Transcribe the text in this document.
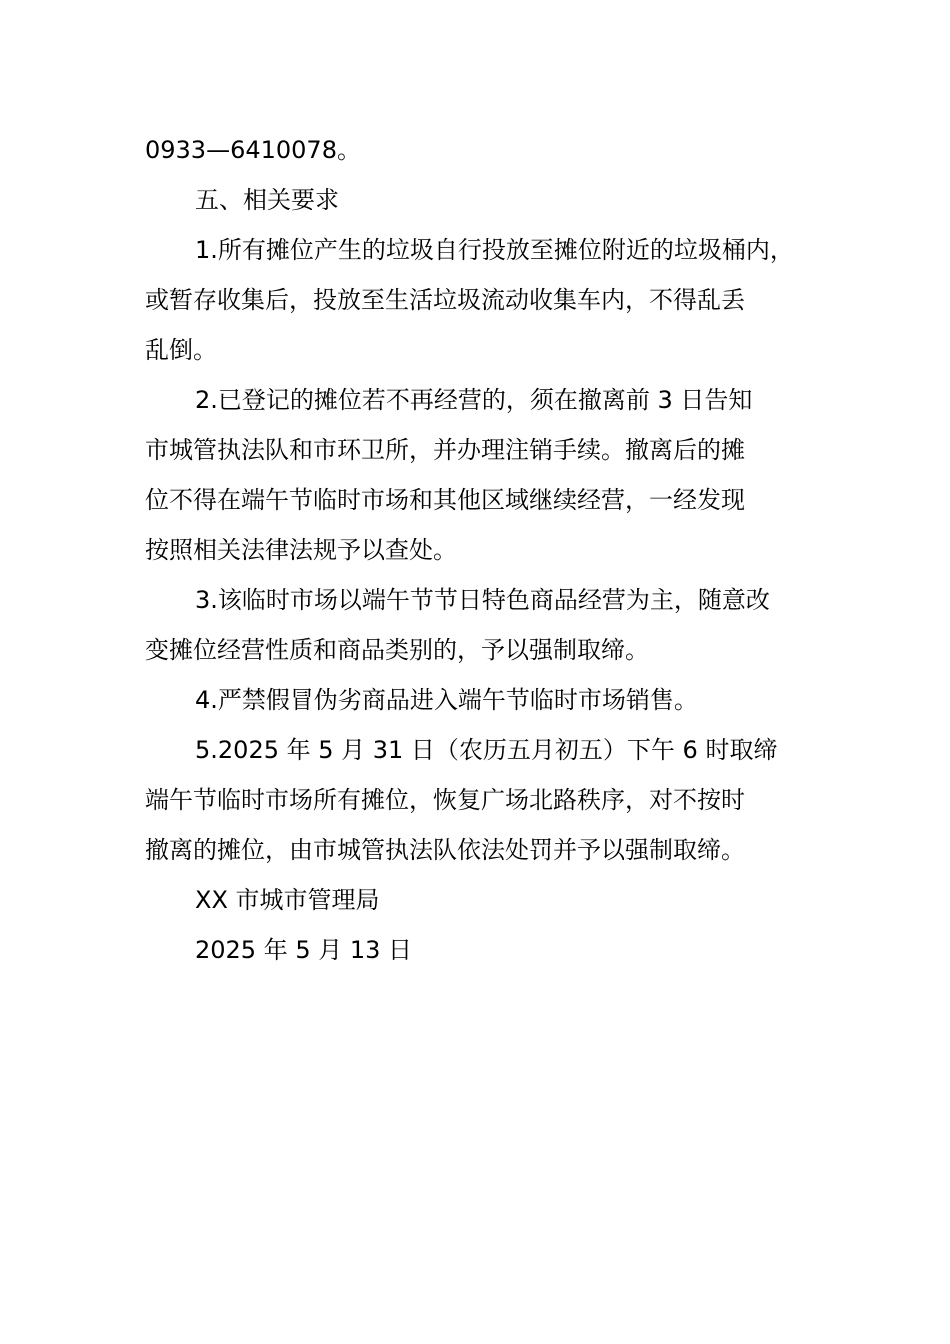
0933—6410078。
五、相关要求
1.所有摊位产生的垃圾自行投放至摊位附近的垃圾桶内，
或暂存收集后，投放至生活垃圾流动收集车内，不得乱丢
乱倒。
2.已登记的摊位若不再经营的，须在撤离前 3 日告知
市城管执法队和市环卫所，并办理注销手续。撤离后的摊
位不得在端午节临时市场和其他区域继续经营，一经发现
按照相关法律法规予以查处。
3.该临时市场以端午节节日特色商品经营为主，随意改
变摊位经营性质和商品类别的，予以强制取缔。
4.严禁假冒伪劣商品进入端午节临时市场销售。
5.2025 年 5 月 31 日（农历五月初五）下午 6 时取缔
端午节临时市场所有摊位，恢复广场北路秩序，对不按时
撤离的摊位，由市城管执法队依法处罚并予以强制取缔。
XX 市城市管理局
2025 年 5 月 13 日
